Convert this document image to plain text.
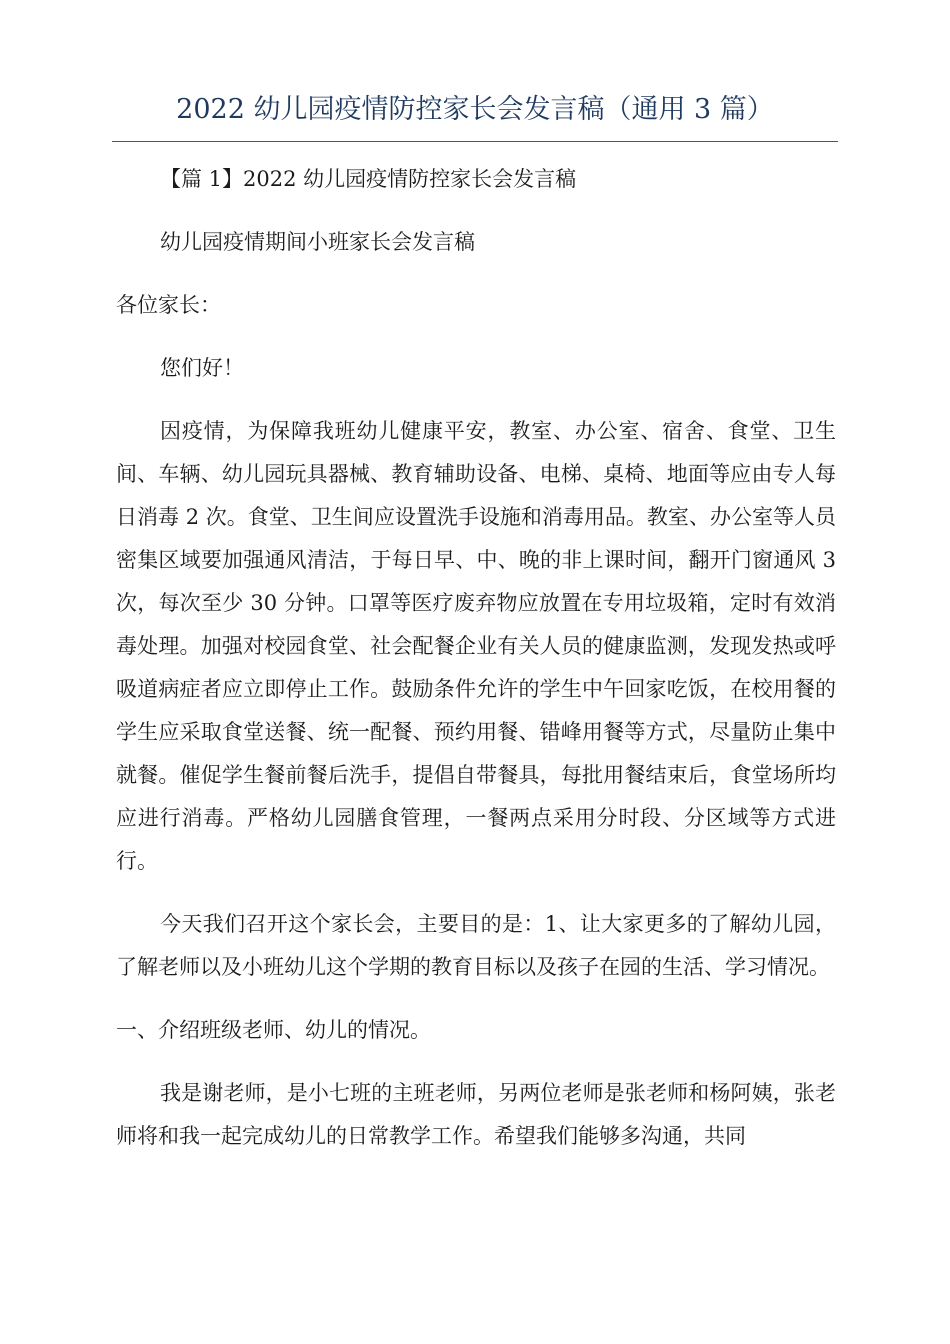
2022 幼儿园疫情防控家长会发言稿（通用 3 篇）

【篇 1】2022 幼儿园疫情防控家长会发言稿

幼儿园疫情期间小班家长会发言稿

各位家长：

您们好！

因疫情，为保障我班幼儿健康平安，教室、办公室、宿舍、食堂、卫生间、车辆、幼儿园玩具器械、教育辅助设备、电梯、桌椅、地面等应由专人每日消毒 2 次。食堂、卫生间应设置洗手设施和消毒用品。教室、办公室等人员密集区域要加强通风清洁，于每日早、中、晚的非上课时间，翻开门窗通风 3 次，每次至少 30 分钟。口罩等医疗废弃物应放置在专用垃圾箱，定时有效消毒处理。加强对校园食堂、社会配餐企业有关人员的健康监测，发现发热或呼吸道病症者应立即停止工作。鼓励条件允许的学生中午回家吃饭，在校用餐的学生应采取食堂送餐、统一配餐、预约用餐、错峰用餐等方式，尽量防止集中就餐。催促学生餐前餐后洗手，提倡自带餐具，每批用餐结束后，食堂场所均应进行消毒。严格幼儿园膳食管理，一餐两点采用分时段、分区域等方式进行。

今天我们召开这个家长会，主要目的是：1、让大家更多的了解幼儿园，了解老师以及小班幼儿这个学期的教育目标以及孩子在园的生活、学习情况。

一、介绍班级老师、幼儿的情况。

我是谢老师，是小七班的主班老师，另两位老师是张老师和杨阿姨，张老师将和我一起完成幼儿的日常教学工作。希望我们能够多沟通，共同
